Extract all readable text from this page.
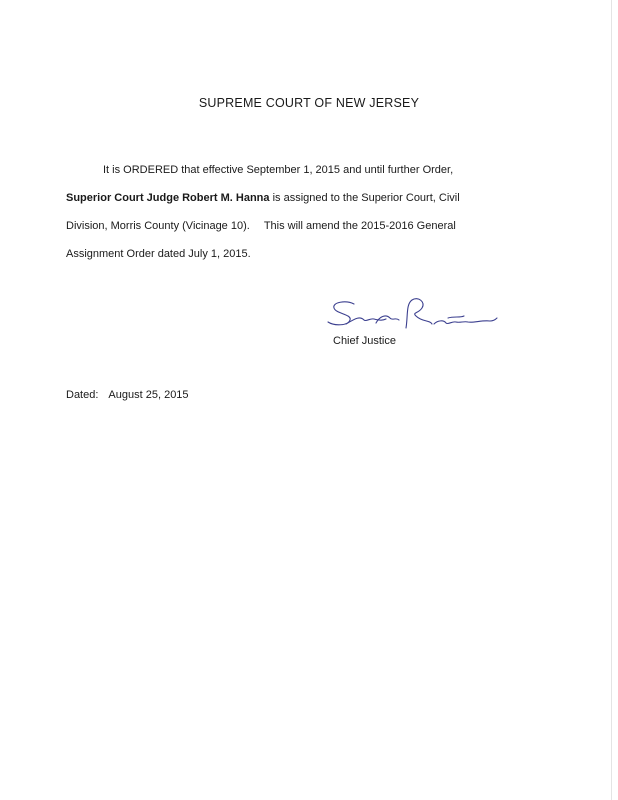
SUPREME COURT OF NEW JERSEY
It is ORDERED that effective September 1, 2015 and until further Order,
Superior Court Judge Robert M. Hanna is assigned to the Superior Court, Civil
Division, Morris County (Vicinage 10). This will amend the 2015-2016 General
Assignment Order dated July 1, 2015.
Chief Justice
Dated: August 25, 2015
